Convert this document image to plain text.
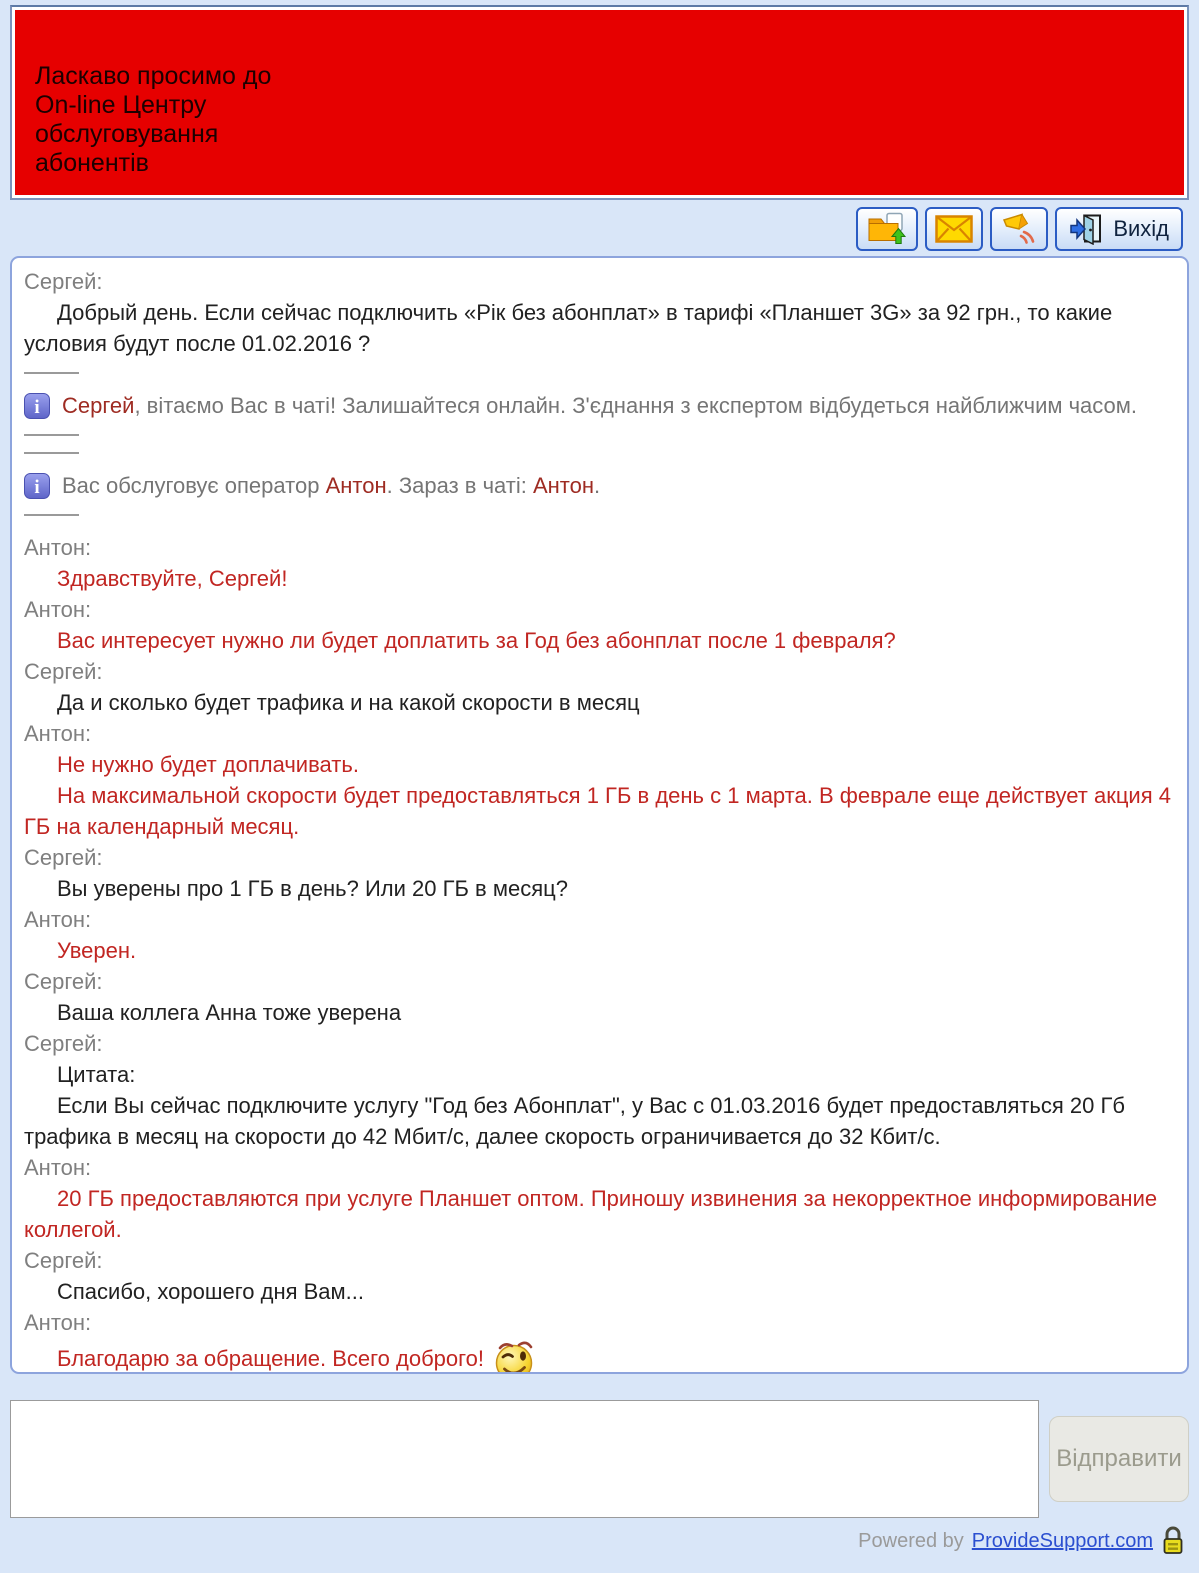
Ласкаво просимо до
On-line Центру
обслуговування
абонентів
Вихід
Сергей:
Добрый день. Если сейчас подключить «Рік без абонплат» в тарифі «Планшет 3G» за 92 грн., то какие условия будут после 01.02.2016 ?
i Сергей, вітаємо Вас в чаті! Залишайтеся онлайн. З'єднання з експертом відбудеться найближчим часом.
i Вас обслуговує оператор Антон. Зараз в чаті: Антон.
Антон:
Здравствуйте, Сергей!
Антон:
Вас интересует нужно ли будет доплатить за Год без абонплат после 1 февраля?
Сергей:
Да и сколько будет трафика и на какой скорости в месяц
Антон:
Не нужно будет доплачивать.
На максимальной скорости будет предоставляться 1 ГБ в день с 1 марта. В феврале еще действует акция 4 ГБ на календарный месяц.
Сергей:
Вы уверены про 1 ГБ в день? Или 20 ГБ в месяц?
Антон:
Уверен.
Сергей:
Ваша коллега Анна тоже уверена
Сергей:
Цитата:
Если Вы сейчас подключите услугу "Год без Абонплат", у Вас с 01.03.2016 будет предоставляться 20 Гб трафика в месяц на скорости до 42 Мбит/с, далее скорость ограничивается до 32 Кбит/с.
Антон:
20 ГБ предоставляются при услуге Планшет оптом. Приношу извинения за некорректное информирование коллегой.
Сергей:
Спасибо, хорошего дня Вам...
Антон:
Благодарю за обращение. Всего доброго!
Відправити
Powered by ProvideSupport.com
